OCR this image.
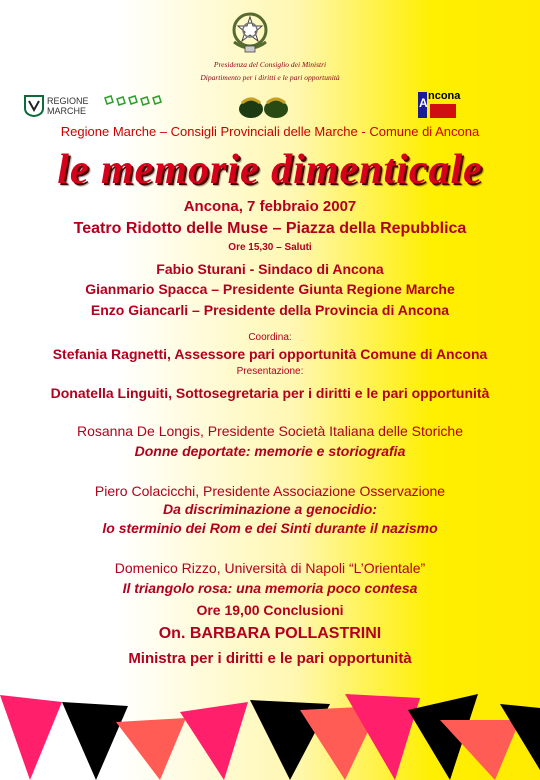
Presidenza del Consiglio dei Ministri
Dipartimento per i diritti e le pari opportunità
REGIONE
MARCHE
A ncona
Regione Marche – Consigli Provinciali delle Marche - Comune di Ancona
le memorie dimenticale
Ancona, 7 febbraio 2007
Teatro Ridotto delle Muse – Piazza della Repubblica
Ore 15,30 – Saluti
Fabio Sturani - Sindaco di Ancona
Gianmario Spacca – Presidente Giunta Regione Marche
Enzo Giancarli – Presidente della Provincia di Ancona
Coordina:
Stefania Ragnetti, Assessore pari opportunità Comune di Ancona
Presentazione:
Donatella Linguiti, Sottosegretaria per i diritti e le pari opportunità
Rosanna De Longis, Presidente Società Italiana delle Storiche
Donne deportate: memorie e storiografia
Piero Colacicchi, Presidente Associazione Osservazione
Da discriminazione a genocidio:
lo sterminio dei Rom e dei Sinti durante il nazismo
Domenico Rizzo, Università di Napoli “L’Orientale”
Il triangolo rosa: una memoria poco contesa
Ore 19,00 Conclusioni
On. BARBARA POLLASTRINI
Ministra per i diritti e le pari opportunità
